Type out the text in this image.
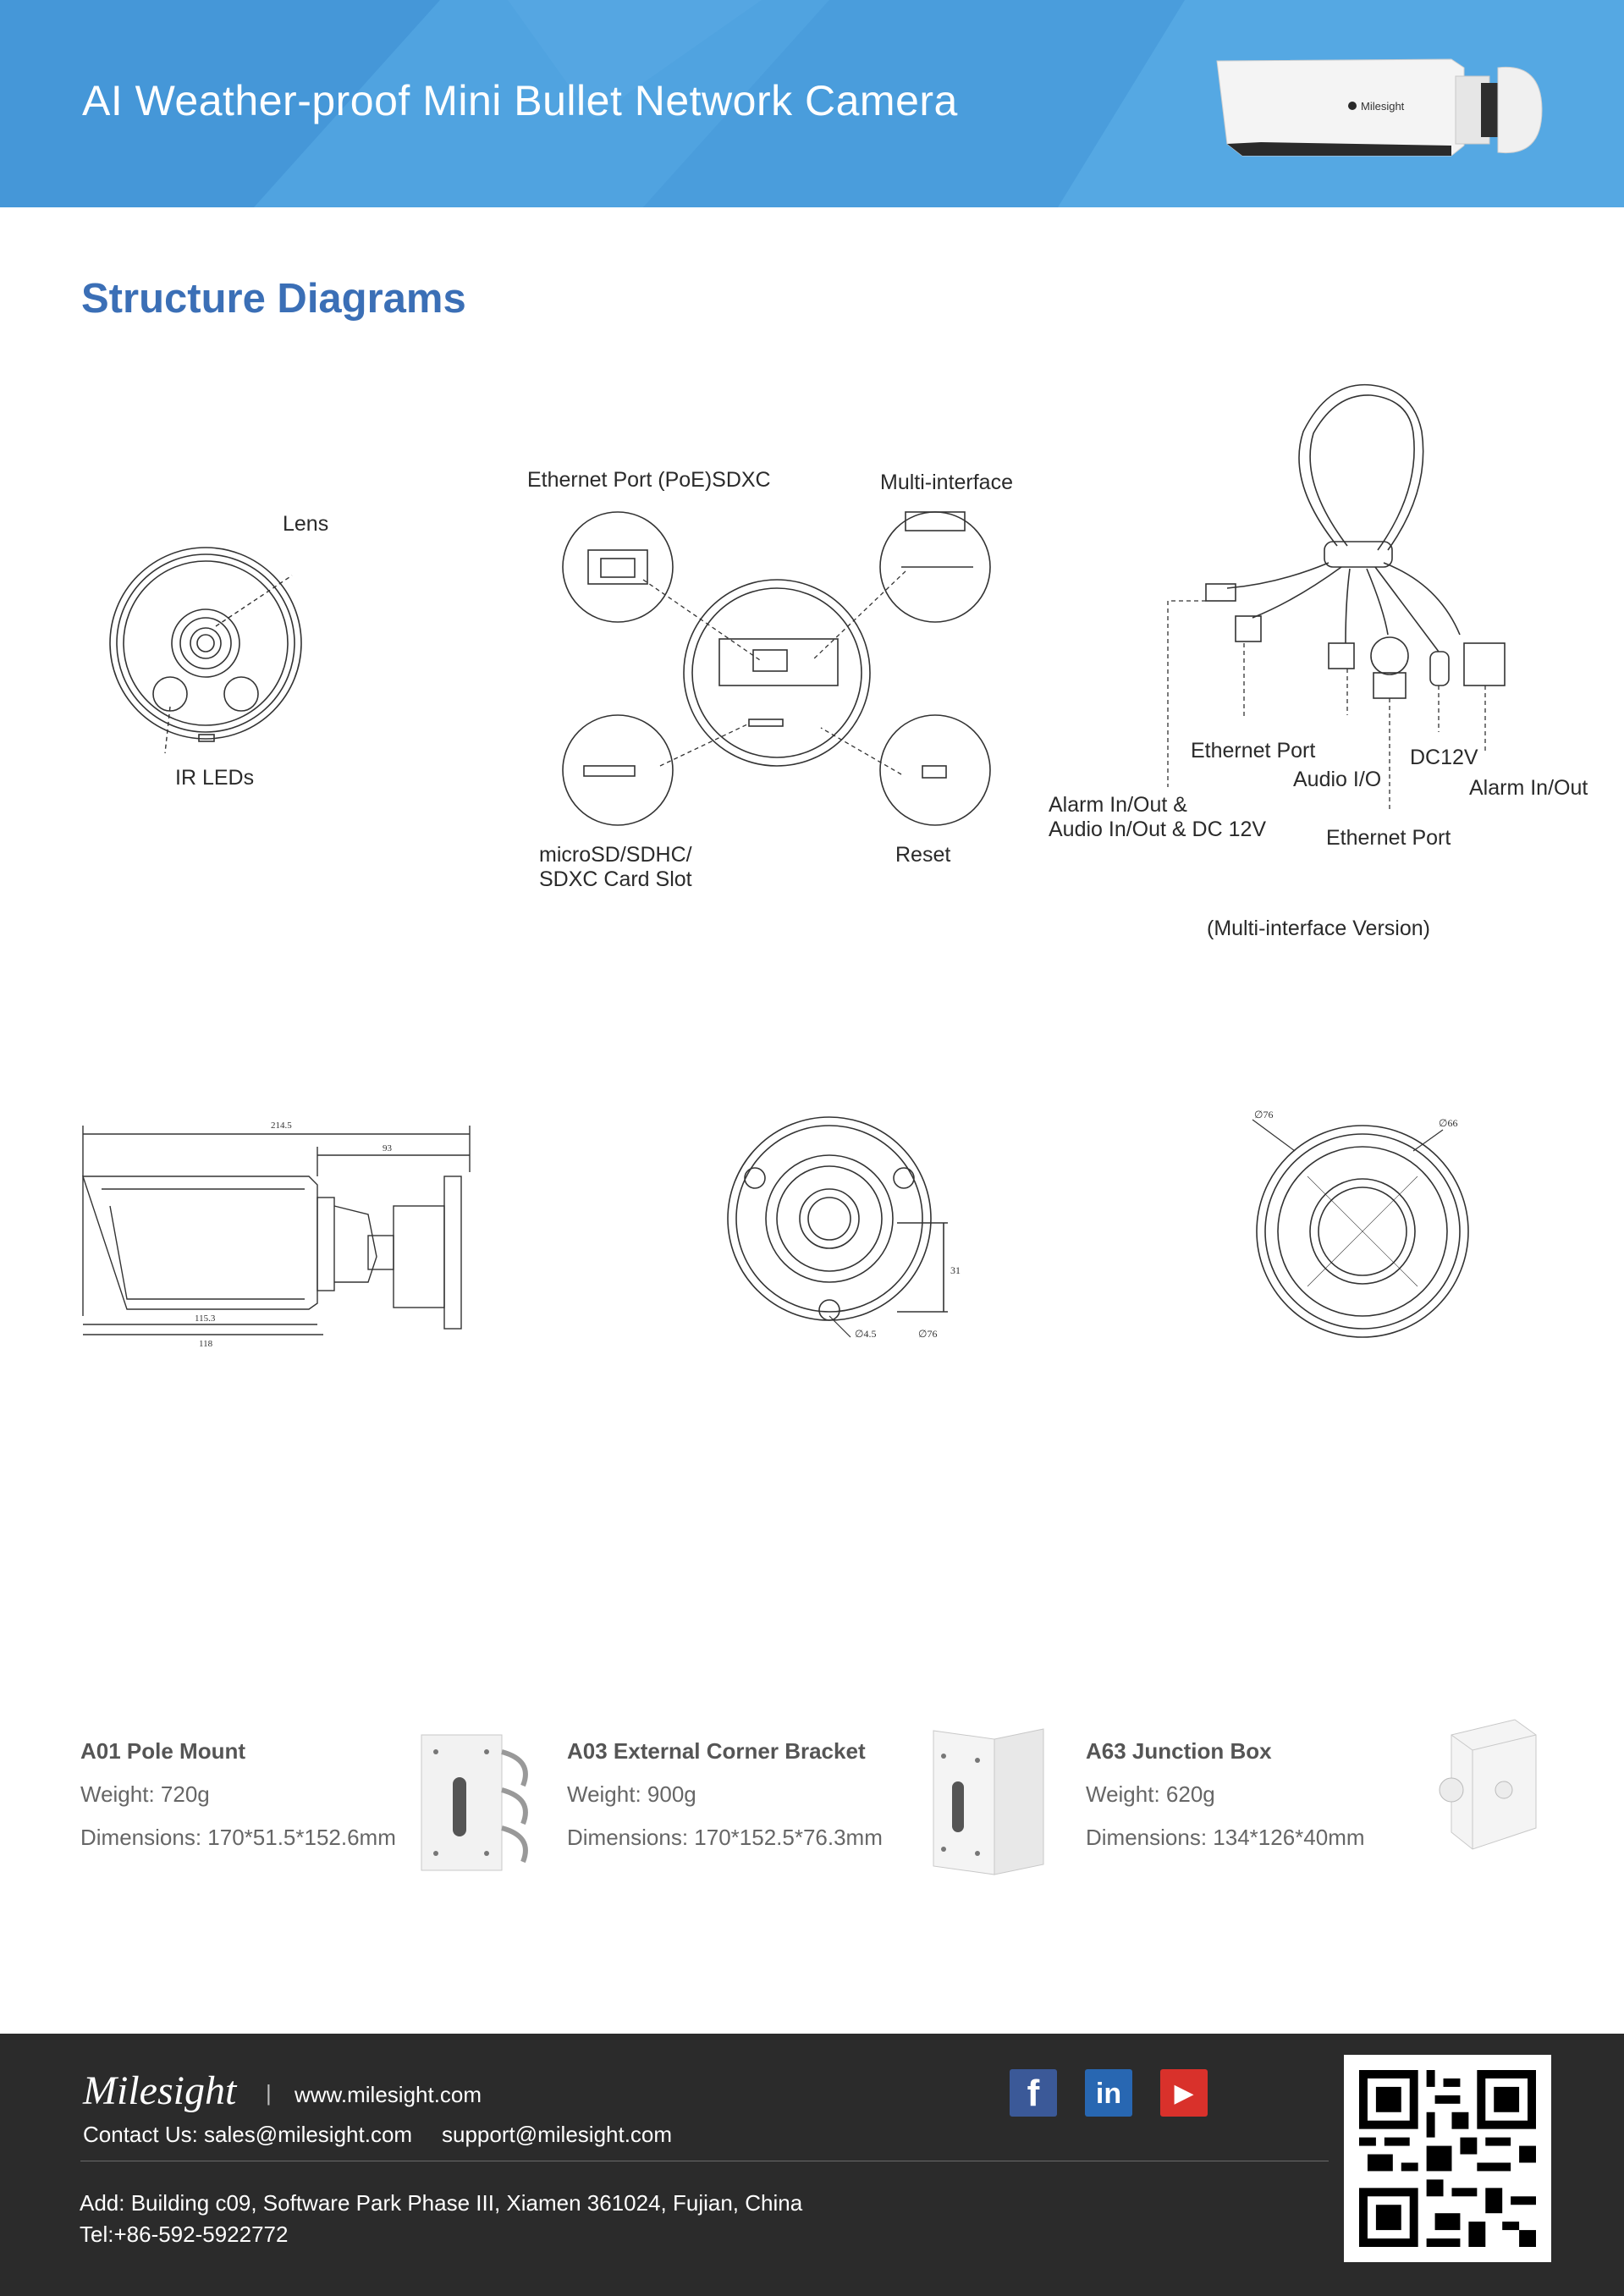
AI Weather-proof Mini Bullet Network Camera	Milesight
Structure Diagrams
Lens
IR LEDs
Ethernet Port (PoE)SDXC	Multi-interface
microSD/SDHC/
SDXC Card Slot
Reset
Ethernet Port
Audio I/O
DC12V
Alarm In/Out
Alarm In/Out &
Audio In/Out & DC 12V	Ethernet Port
(Multi-interface Version)
214.5
93
115.3
118
31
∅4.5	∅76
∅76
∅66
A01 Pole Mount
Weight: 720g
Dimensions: 170*51.5*152.6mm
A03 External Corner Bracket
Weight: 900g
Dimensions: 170*152.5*76.3mm
A63 Junction Box
Weight: 620g
Dimensions: 134*126*40mm
Milesight | www.milesight.com
Contact Us: sales@milesight.com support@milesight.com
Add: Building c09, Software Park Phase III, Xiamen 361024, Fujian, China
Tel:+86-592-5922772
f	in	▶
